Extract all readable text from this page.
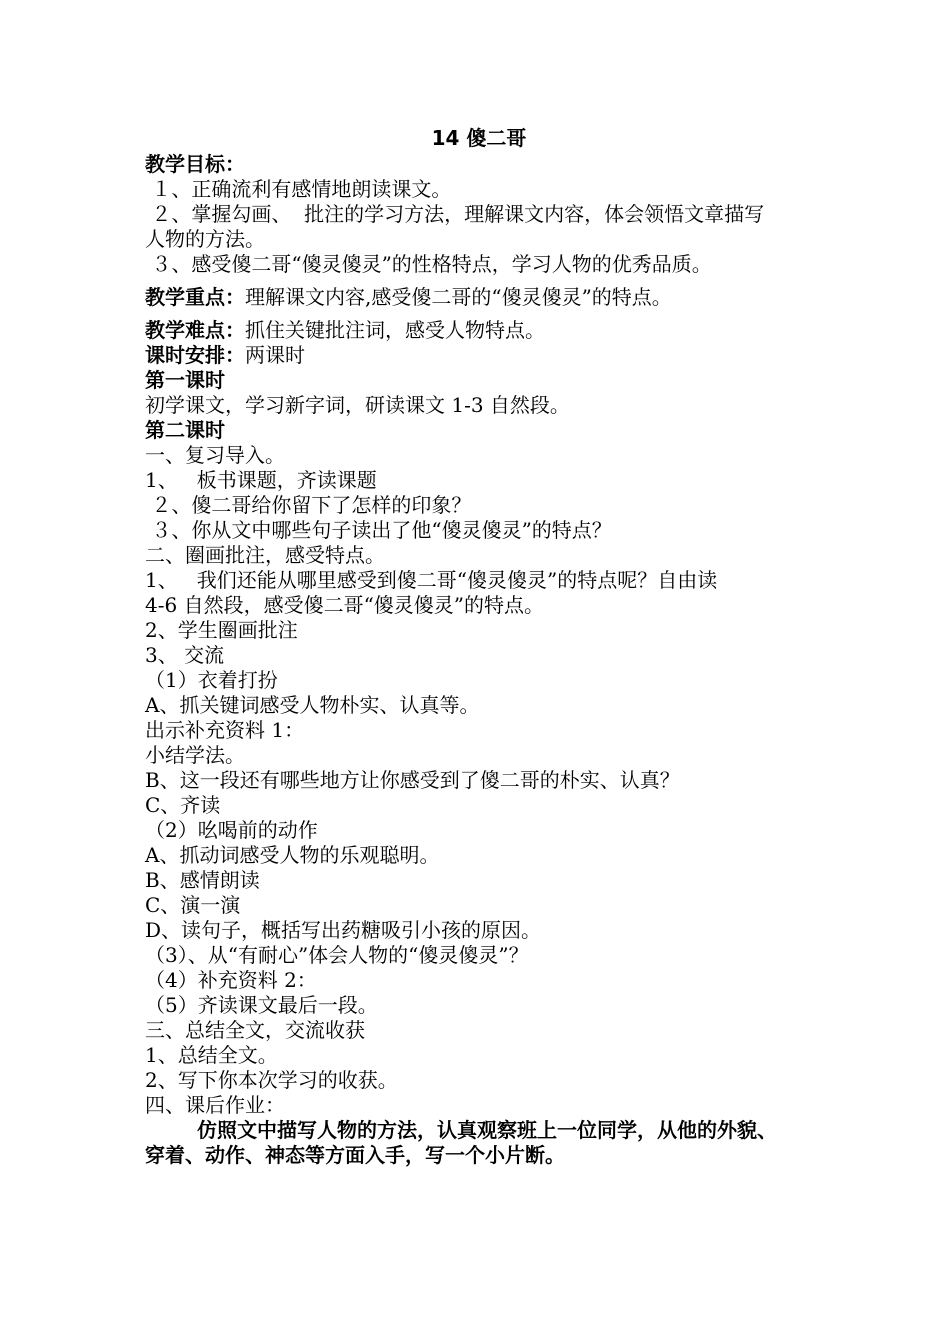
14 傻二哥
教学目标：
１、正确流利有感情地朗读课文。
２、掌握勾画、  批注的学习方法，理解课文内容，体会领悟文章描写
人物的方法。
３、感受傻二哥“傻灵傻灵”的性格特点，学习人物的优秀品质。
教学重点：理解课文内容,感受傻二哥的“傻灵傻灵”的特点。
教学难点：抓住关键批注词，感受人物特点。
课时安排：两课时
第一课时
初学课文，学习新字词，研读课文 1-3 自然段。
第二课时
一、复习导入。
1、   板书课题，齐读课题
２、傻二哥给你留下了怎样的印象？
３、你从文中哪些句子读出了他“傻灵傻灵”的特点？
二、圈画批注，感受特点。
1、   我们还能从哪里感受到傻二哥“傻灵傻灵”的特点呢？自由读
4-6 自然段，感受傻二哥“傻灵傻灵”的特点。
2、学生圈画批注
3、 交流
（1）衣着打扮
A、抓关键词感受人物朴实、认真等。
出示补充资料 1：
小结学法。
B、这一段还有哪些地方让你感受到了傻二哥的朴实、认真？
C、齐读
（2）吆喝前的动作
A、抓动词感受人物的乐观聪明。
B、感情朗读
C、演一演
D、读句子，概括写出药糖吸引小孩的原因。
（3）、从“有耐心”体会人物的“傻灵傻灵”？
（4）补充资料 2：
（5）齐读课文最后一段。
三、总结全文，交流收获
1、总结全文。
2、写下你本次学习的收获。
四、课后作业：
仿照文中描写人物的方法，认真观察班上一位同学，从他的外貌、
穿着、动作、神态等方面入手，写一个小片断。
